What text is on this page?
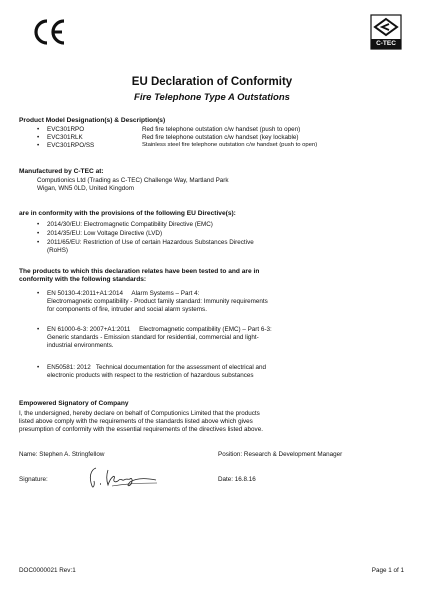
C-TEC
EU Declaration of Conformity
Fire Telephone Type A Outstations
Product Model Designation(s) & Description(s)
• EVC301RPO	Red fire telephone outstation c/w handset (push to open)
• EVC301RLK	Red fire telephone outstation c/w handset (key lockable)
• EVC301RPO/SS	Stainless steel fire telephone outstation c/w handset (push to open)
Manufactured by C-TEC at:
Computionics Ltd (Trading as C-TEC) Challenge Way, Martland Park
Wigan, WN5 0LD, United Kingdom
are in conformity with the provisions of the following EU Directive(s):
• 2014/30/EU: Electromagnetic Compatibility Directive (EMC)
• 2014/35/EU: Low Voltage Directive (LVD)
• 2011/65/EU: Restriction of Use of certain Hazardous Substances Directive
(RoHS)
The products to which this declaration relates have been tested to and are in
conformity with the following standards:
• EN 50130-4:2011+A1:2014     Alarm Systems – Part 4:
Electromagnetic compatibility - Product family standard: Immunity requirements
for components of fire, intruder and social alarm systems.
• EN 61000-6-3: 2007+A1:2011     Electromagnetic compatibility (EMC) – Part 6-3:
Generic standards - Emission standard for residential, commercial and light-
industrial environments.
• EN50581: 2012   Technical documentation for the assessment of electrical and
electronic products with respect to the restriction of hazardous substances
Empowered Signatory of Company
I, the undersigned, hereby declare on behalf of Computionics Limited that the products
listed above comply with the requirements of the standards listed above which gives
presumption of conformity with the essential requirements of the directives listed above.
Name: Stephen A. Stringfellow	Position: Research & Development Manager
Signature:	Date: 16.8.16
DOC0000021 Rev:1	Page 1 of 1
